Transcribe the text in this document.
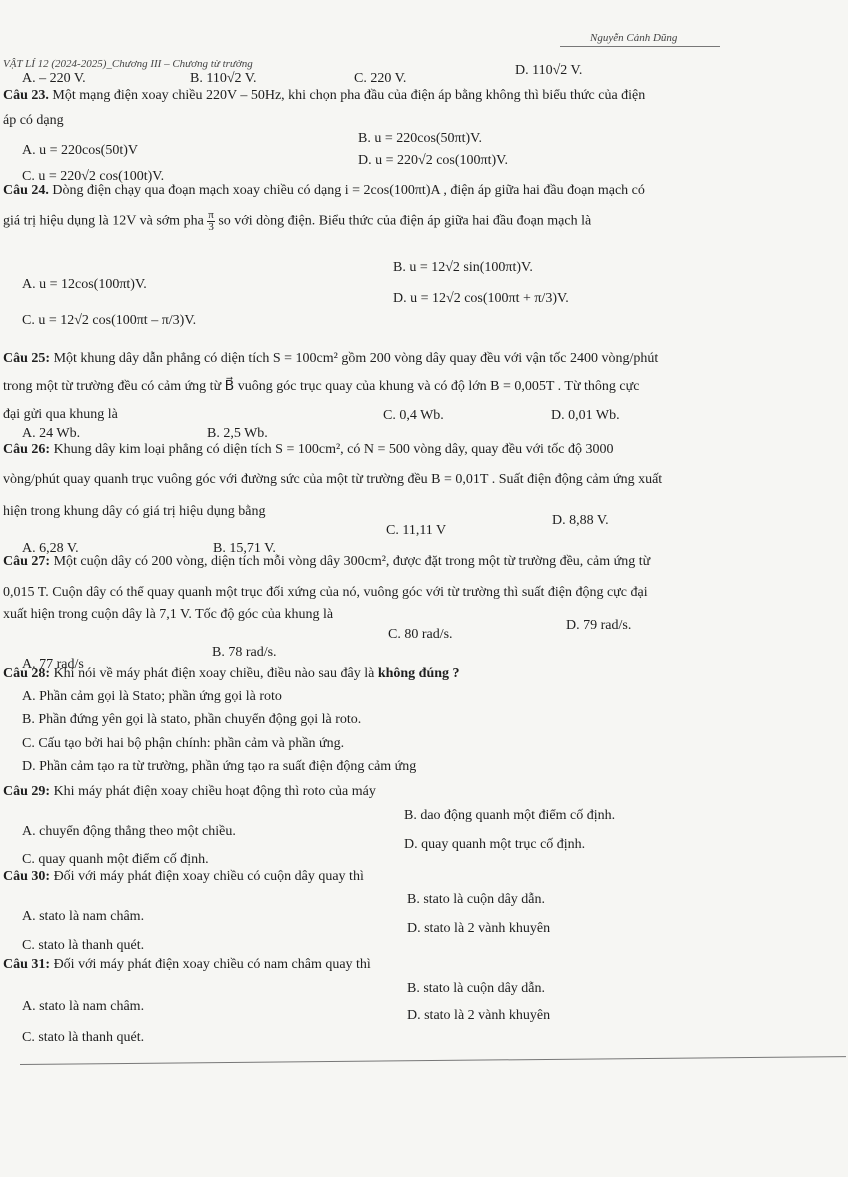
Nguyễn Cảnh Dũng
VẬT LÍ 12 (2024-2025)_Chương III – Chương từ trường
A. – 220 V.	B. 110√2 V.	C. 220 V.
D. 110√2 V.
Câu 23. Một mạng điện xoay chiều 220V – 50Hz, khi chọn pha đầu của điện áp bằng không thì biểu thức của điện
áp có dạng
A. u = 220cos(50t)V
B. u = 220cos(50πt)V.
C. u = 220√2 cos(100t)V.
D. u = 220√2 cos(100πt)V.
Câu 24. Dòng điện chạy qua đoạn mạch xoay chiều có dạng i = 2cos(100πt)A , điện áp giữa hai đầu đoạn mạch có
giá trị hiệu dụng là 12V và sớm pha $\frac{\pi}{3}$ so với dòng điện. Biểu thức của điện áp giữa hai đầu đoạn mạch là
A. u = 12cos(100πt)V.
B. u = 12√2 sin(100πt)V.
C. u = 12√2 cos(100πt – π/3)V.
D. u = 12√2 cos(100πt + π/3)V.
Câu 25: Một khung dây dẫn phẳng có diện tích S = 100cm² gồm 200 vòng dây quay đều với vận tốc 2400 vòng/phút
trong một từ trường đều có cảm ứng từ B⃗ vuông góc trục quay của khung và có độ lớn B = 0,005T . Từ thông cực
đại gửi qua khung là
A. 24 Wb.	B. 2,5 Wb.
C. 0,4 Wb.	D. 0,01 Wb.
Câu 26: Khung dây kim loại phẳng có diện tích S = 100cm², có N = 500 vòng dây, quay đều với tốc độ 3000
vòng/phút quay quanh trục vuông góc với đường sức của một từ trường đều B = 0,01T . Suất điện động cảm ứng xuất
hiện trong khung dây có giá trị hiệu dụng bằng
A. 6,28 V.	B. 15,71 V.
C. 11,11 V
D. 8,88 V.
Câu 27: Một cuộn dây có 200 vòng, diện tích mỗi vòng dây 300cm², được đặt trong một từ trường đều, cảm ứng từ
0,015 T. Cuộn dây có thể quay quanh một trục đối xứng của nó, vuông góc với từ trường thì suất điện động cực đại
xuất hiện trong cuộn dây là 7,1 V. Tốc độ góc của khung là
A. 77 rad/s
B. 78 rad/s.
C. 80 rad/s.
D. 79 rad/s.
Câu 28: Khi nói về máy phát điện xoay chiều, điều nào sau đây là không đúng ?
A. Phần cảm gọi là Stato; phần ứng gọi là roto
B. Phần đứng yên gọi là stato, phần chuyển động gọi là roto.
C. Cấu tạo bởi hai bộ phận chính: phần cảm và phần ứng.
D. Phần cảm tạo ra từ trường, phần ứng tạo ra suất điện động cảm ứng
Câu 29: Khi máy phát điện xoay chiều hoạt động thì roto của máy
A. chuyển động thẳng theo một chiều.
B. dao động quanh một điểm cố định.
C. quay quanh một điểm cố định.
D. quay quanh một trục cố định.
Câu 30: Đối với máy phát điện xoay chiều có cuộn dây quay thì
A. stato là nam châm.
B. stato là cuộn dây dẫn.
C. stato là thanh quét.
D. stato là 2 vành khuyên
Câu 31: Đối với máy phát điện xoay chiều có nam châm quay thì
A. stato là nam châm.
B. stato là cuộn dây dẫn.
C. stato là thanh quét.
D. stato là 2 vành khuyên
